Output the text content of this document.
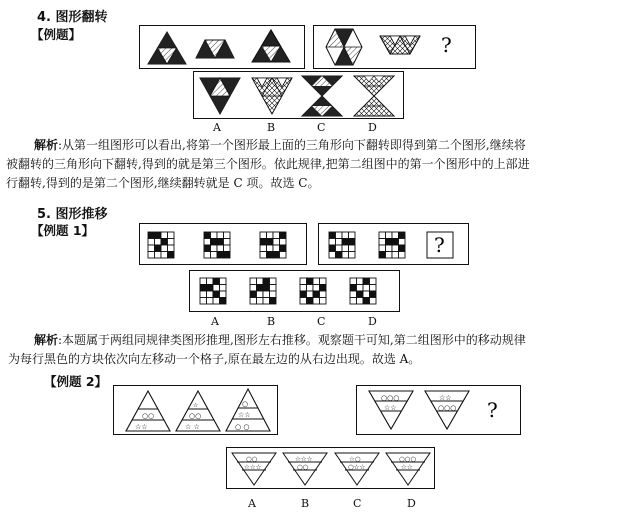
4. 图形翻转
【例题】	?
A	B	C	D
解析:从第一组图形可以看出,将第一个图形最上面的三角形向下翻转即得到第二个图形,继续将
被翻转的三角形向下翻转,得到的就是第三个图形。依此规律,把第二组图中的第一个图形中的上部进
行翻转,得到的是第二个图形,继续翻转就是 C 项。故选 C。
5. 图形推移
【例题 1】
?
A	B	C	D
解析:本题属于两组同规律类图形推理,图形左右推移。观察题干可知,第二组图形中的移动规律
为每行黑色的方块依次向左移动一个格子,原在最左边的从右边出现。故选 A。
【例题 2】
○○
☆☆
☆
○○
☆ ☆
○
☆☆
○ ○
○○○
☆☆
☆☆
○○○ ?
○○
☆☆☆
☆☆☆
○○
☆○
○☆☆
○○○
☆☆
A	B	C	D
